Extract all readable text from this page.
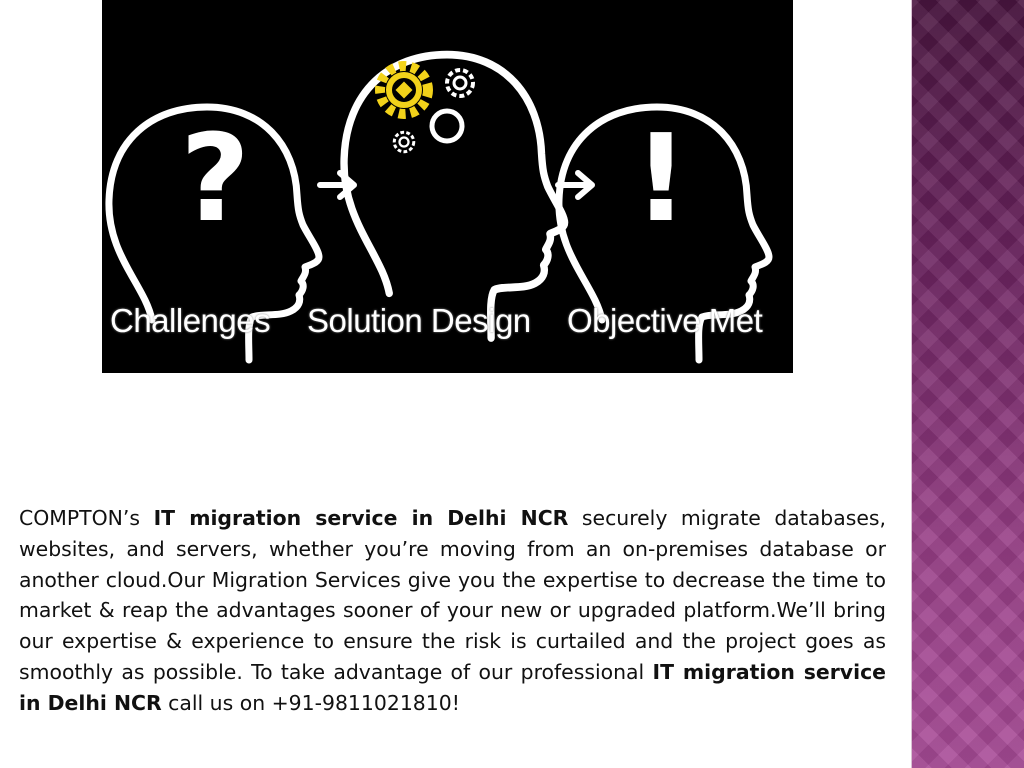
?	!
Challenges Solution Design Objective Met

COMPTON’s IT migration service in Delhi NCR securely migrate databases, websites, and servers, whether you’re moving from an on-premises database or another cloud.Our Migration Services give you the expertise to decrease the time to market & reap the advantages sooner of your new or upgraded platform.We’ll bring our expertise & experience to ensure the risk is curtailed and the project goes as smoothly as possible. To take advantage of our professional IT migration service in Delhi NCR call us on +91-9811021810!
